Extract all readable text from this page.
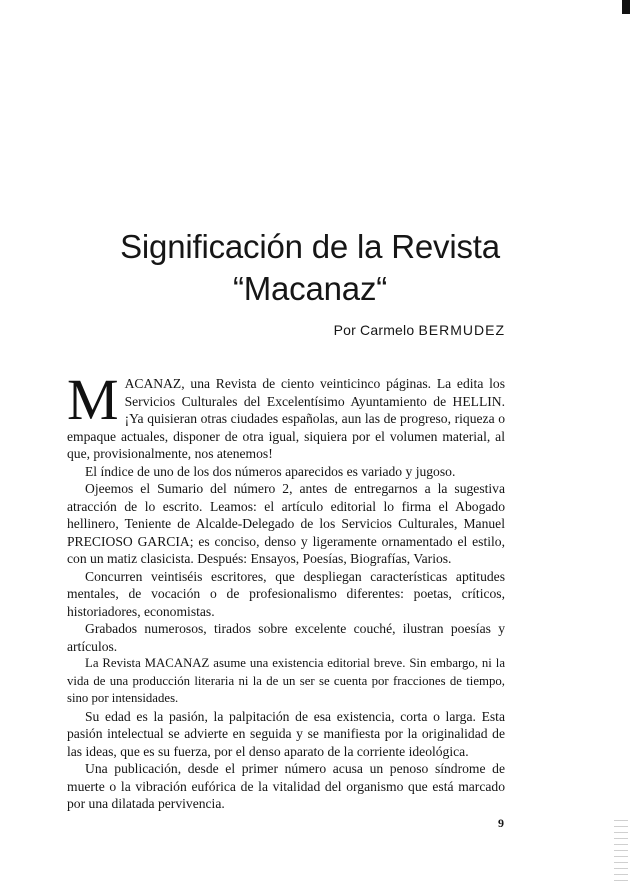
Significación de la Revista
“Macanaz“
Por Carmelo BERMUDEZ

M ACANAZ, una Revista de ciento veinticinco páginas. La edita los Servicios Culturales del Excelentísimo Ayuntamiento de HELLIN. ¡Ya quisieran otras ciudades españolas, aun las de progreso, riqueza o empaque actuales, disponer de otra igual, siquiera por el volumen material, al que, provisionalmente, nos atenemos!

El índice de uno de los dos números aparecidos es variado y jugoso.

Ojeemos el Sumario del número 2, antes de entregarnos a la sugestiva atracción de lo escrito. Leamos: el artículo editorial lo firma el Abogado hellinero, Teniente de Alcalde-Delegado de los Servicios Culturales, Manuel PRECIOSO GARCIA; es conciso, denso y ligeramente ornamentado el estilo, con un matiz clasicista. Después: Ensayos, Poesías, Biografías, Varios.

Concurren veintiséis escritores, que despliegan características aptitudes mentales, de vocación o de profesionalismo diferentes: poetas, críticos, historiadores, economistas.

Grabados numerosos, tirados sobre excelente couché, ilustran poesías y artículos.

La Revista MACANAZ asume una existencia editorial breve. Sin embargo, ni la vida de una producción literaria ni la de un ser se cuenta por fracciones de tiempo, sino por intensidades.

Su edad es la pasión, la palpitación de esa existencia, corta o larga. Esta pasión intelectual se advierte en seguida y se manifiesta por la originalidad de las ideas, que es su fuerza, por el denso aparato de la corriente ideológica.

Una publicación, desde el primer número acusa un penoso síndrome de muerte o la vibración eufórica de la vitalidad del organismo que está marcado por una dilatada pervivencia.

9
